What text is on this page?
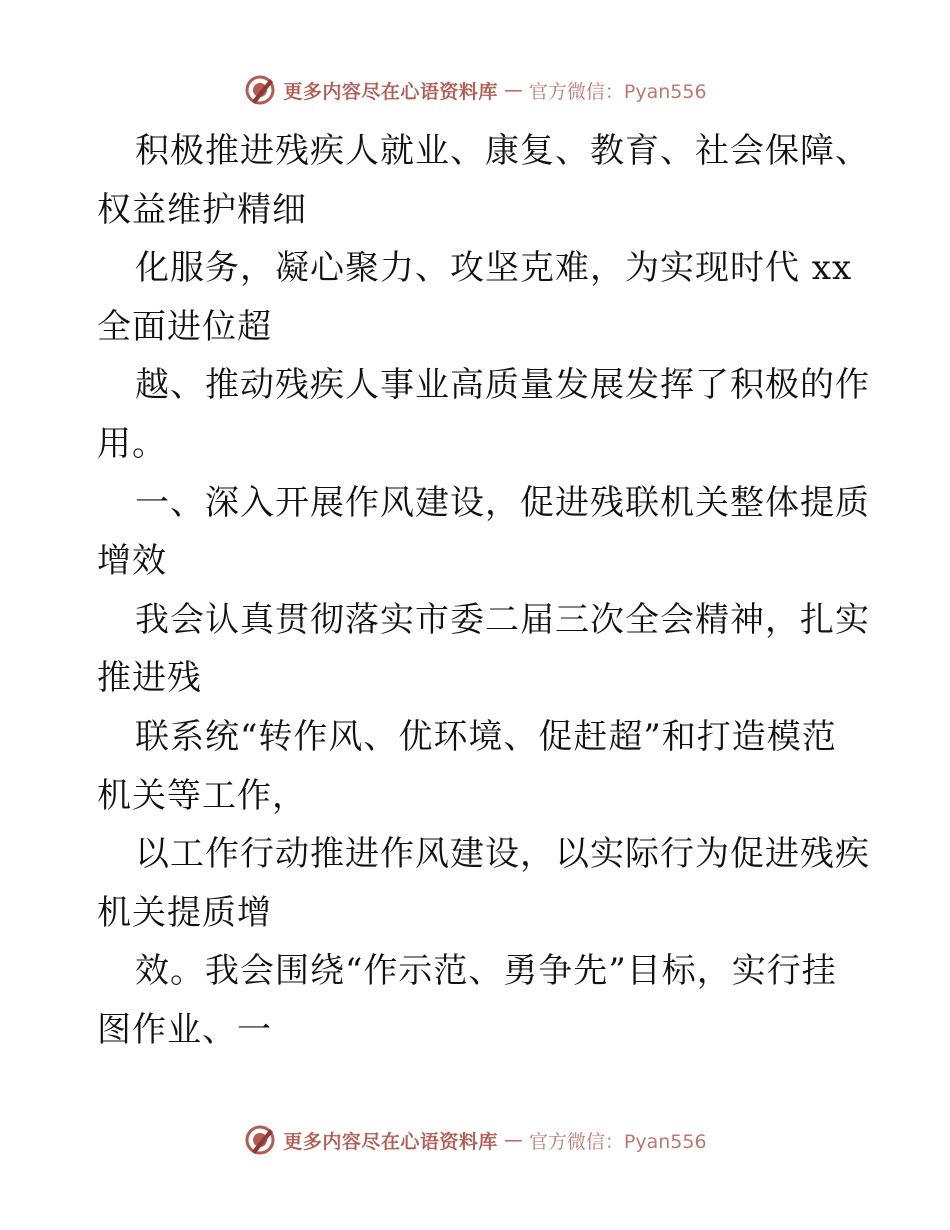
更多内容尽在心语资料库 — 官方微信：Pyan556
积极推进残疾人就业、康复、教育、社会保障、
权益维护精细
化服务，凝心聚力、攻坚克难，为实现时代 xx
全面进位超
越、推动残疾人事业高质量发展发挥了积极的作
用。
一、深入开展作风建设，促进残联机关整体提质
增效
我会认真贯彻落实市委二届三次全会精神，扎实
推进残
联系统“转作风、优环境、促赶超”和打造模范
机关等工作，
以工作行动推进作风建设，以实际行为促进残疾
机关提质增
效。我会围绕“作示范、勇争先”目标，实行挂
图作业、一
更多内容尽在心语资料库 — 官方微信：Pyan556
